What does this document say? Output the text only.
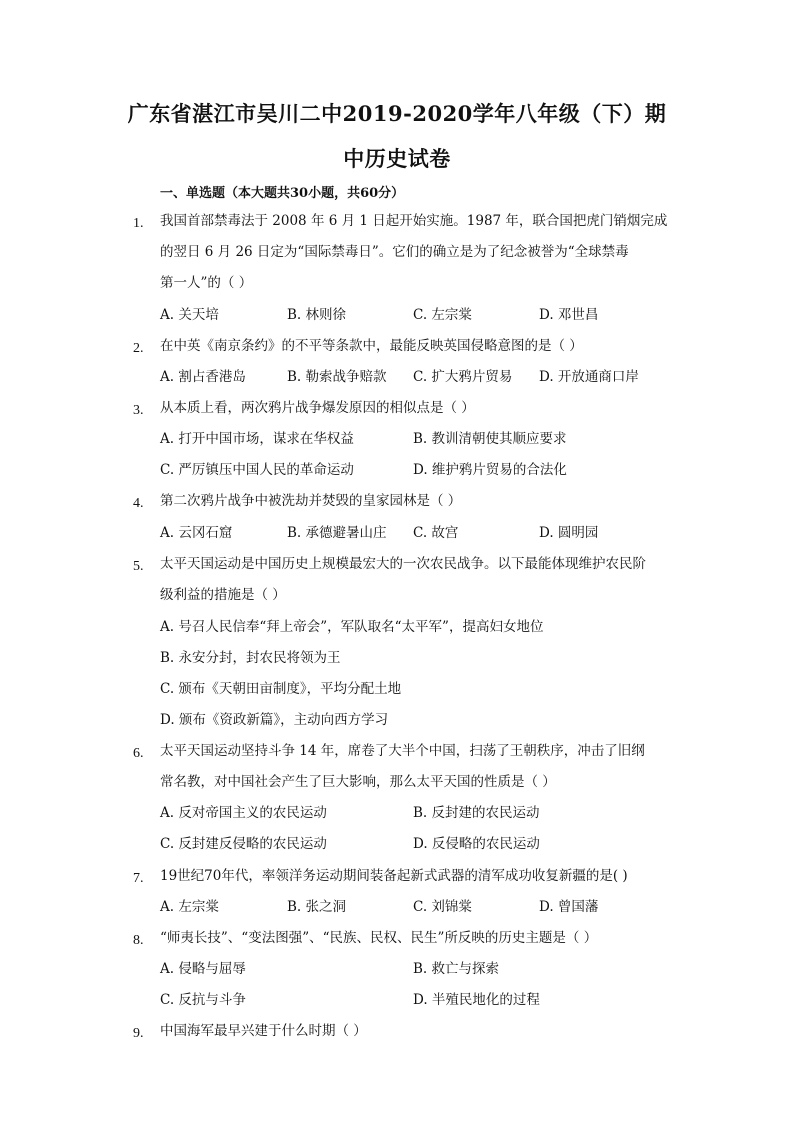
广东省湛江市吴川二中2019-2020学年八年级（下）期
中历史试卷
一、单选题（本大题共30小题，共60分）
1. 我国首部禁毒法于 2008 年 6 月 1 日起开始实施。1987 年，联合国把虎门销烟完成
的翌日 6 月 26 日定为“国际禁毒日”。它们的确立是为了纪念被誉为“全球禁毒
第一人”的（ ）
A. 关天培	B. 林则徐	C. 左宗棠	D. 邓世昌
2. 在中英《南京条约》的不平等条款中，最能反映英国侵略意图的是（ ）
A. 割占香港岛	B. 勒索战争赔款 C. 扩大鸦片贸易 D. 开放通商口岸
3. 从本质上看，两次鸦片战争爆发原因的相似点是（ ）
A. 打开中国市场，谋求在华权益	B. 教训清朝使其顺应要求
C. 严厉镇压中国人民的革命运动	D. 维护鸦片贸易的合法化
4. 第二次鸦片战争中被洗劫并焚毁的皇家园林是（ ）
A. 云冈石窟	B. 承德避暑山庄 C. 故宫	D. 圆明园
5. 太平天国运动是中国历史上规模最宏大的一次农民战争。以下最能体现维护农民阶
级利益的措施是（ ）
A. 号召人民信奉“拜上帝会”，军队取名“太平军”，提高妇女地位
B. 永安分封，封农民将领为王
C. 颁布《天朝田亩制度》，平均分配土地
D. 颁布《资政新篇》，主动向西方学习
6. 太平天国运动坚持斗争 14 年，席卷了大半个中国，扫荡了王朝秩序，冲击了旧纲
常名教，对中国社会产生了巨大影响，那么太平天国的性质是（ ）
A. 反对帝国主义的农民运动	B. 反封建的农民运动
C. 反封建反侵略的农民运动	D. 反侵略的农民运动
7. 19世纪70年代，率领洋务运动期间装备起新式武器的清军成功收复新疆的是( )
A. 左宗棠	B. 张之洞	C. 刘锦棠	D. 曾国藩
8. “师夷长技”、“变法图强”、“民族、民权、民生”所反映的历史主题是（ ）
A. 侵略与屈辱	B. 救亡与探索
C. 反抗与斗争	D. 半殖民地化的过程
9. 中国海军最早兴建于什么时期（ ）
